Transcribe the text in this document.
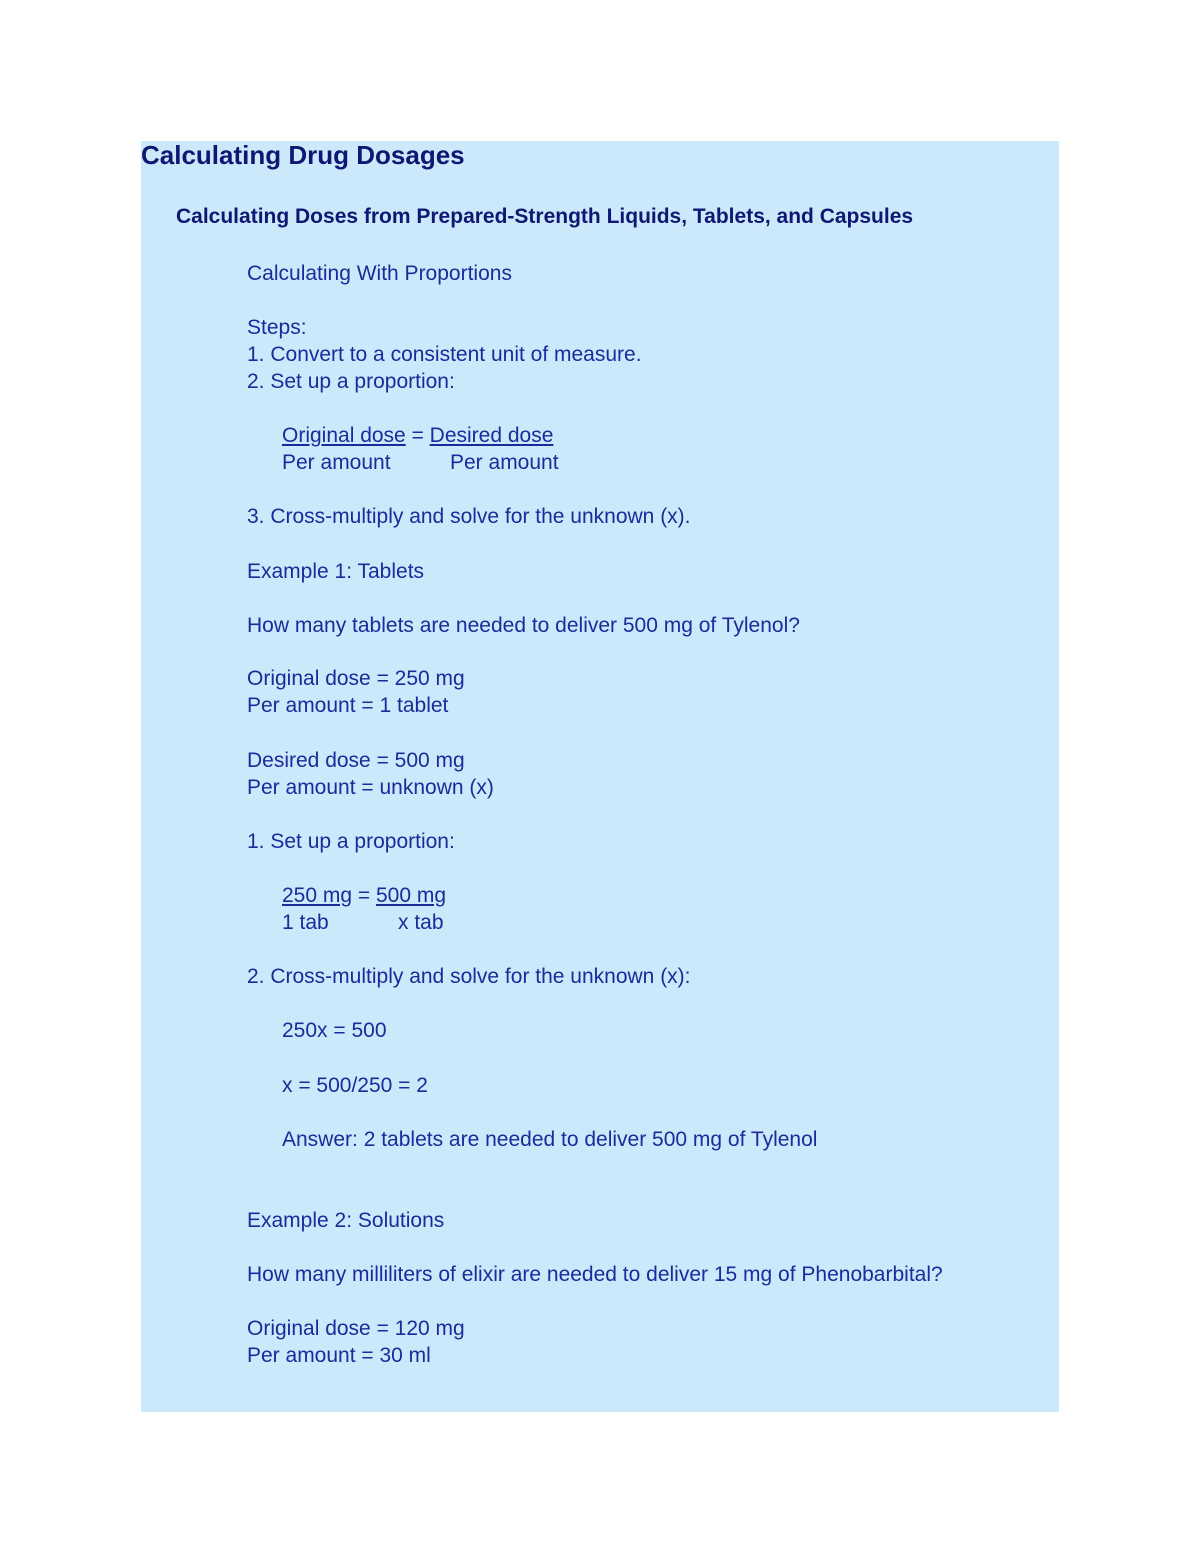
Calculating Drug Dosages
Calculating Doses from Prepared-Strength Liquids, Tablets, and Capsules
Calculating With Proportions
Steps:
1. Convert to a consistent unit of measure.
2. Set up a proportion:
Original dose = Desired dose
Per amount	Per amount
3. Cross-multiply and solve for the unknown (x).
Example 1: Tablets
How many tablets are needed to deliver 500 mg of Tylenol?
Original dose = 250 mg
Per amount = 1 tablet
Desired dose = 500 mg
Per amount = unknown (x)
1. Set up a proportion:
250 mg = 500 mg
1 tab	x tab
2. Cross-multiply and solve for the unknown (x):
250x = 500
x = 500/250 = 2
Answer: 2 tablets are needed to deliver 500 mg of Tylenol
Example 2: Solutions
How many milliliters of elixir are needed to deliver 15 mg of Phenobarbital?
Original dose = 120 mg
Per amount = 30 ml
